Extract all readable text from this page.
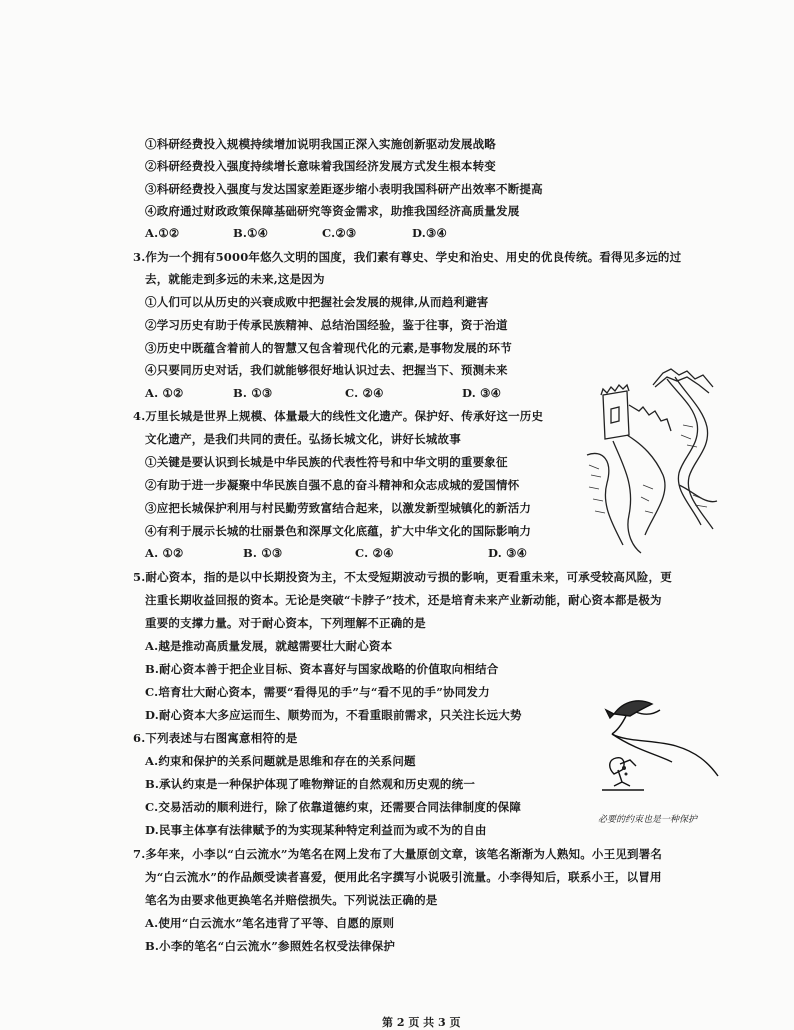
①科研经费投入规模持续增加说明我国正深入实施创新驱动发展战略
②科研经费投入强度持续增长意味着我国经济发展方式发生根本转变
③科研经费投入强度与发达国家差距逐步缩小表明我国科研产出效率不断提高
④政府通过财政政策保障基础研究等资金需求，助推我国经济高质量发展
A.①②	B.①④	C.②③	D.③④
3.作为一个拥有5000年悠久文明的国度，我们素有尊史、学史和治史、用史的优良传统。看得见多远的过
去，就能走到多远的未来,这是因为
①人们可以从历史的兴衰成败中把握社会发展的规律,从而趋利避害
②学习历史有助于传承民族精神、总结治国经验，鉴于往事，资于治道
③历史中既蕴含着前人的智慧又包含着现代化的元素,是事物发展的环节
④只要同历史对话，我们就能够很好地认识过去、把握当下、预测未来
A. ①②	B. ①③	C. ②④	D. ③④
4.万里长城是世界上规模、体量最大的线性文化遗产。保护好、传承好这一历史
文化遗产，是我们共同的责任。弘扬长城文化，讲好长城故事
①关键是要认识到长城是中华民族的代表性符号和中华文明的重要象征
②有助于进一步凝聚中华民族自强不息的奋斗精神和众志成城的爱国情怀
③应把长城保护利用与村民勤劳致富结合起来，以激发新型城镇化的新活力
④有利于展示长城的壮丽景色和深厚文化底蕴，扩大中华文化的国际影响力
A. ①②	B. ①③	C. ②④	D. ③④
5.耐心资本，指的是以中长期投资为主，不太受短期波动亏损的影响，更看重未来，可承受较高风险，更
注重长期收益回报的资本。无论是突破“卡脖子”技术，还是培育未来产业新动能，耐心资本都是极为
重要的支撑力量。对于耐心资本，下列理解不正确的是
A.越是推动高质量发展，就越需要壮大耐心资本
B.耐心资本善于把企业目标、资本喜好与国家战略的价值取向相结合
C.培育壮大耐心资本，需要“看得见的手”与“看不见的手”协同发力
D.耐心资本大多应运而生、顺势而为，不看重眼前需求，只关注长远大势
6.下列表述与右图寓意相符的是
A.约束和保护的关系问题就是思维和存在的关系问题
B.承认约束是一种保护体现了唯物辩证的自然观和历史观的统一
C.交易活动的顺利进行，除了依靠道德约束，还需要合同法律制度的保障
D.民事主体享有法律赋予的为实现某种特定利益而为或不为的自由
必要的约束也是一种保护
7.多年来，小李以“白云流水”为笔名在网上发布了大量原创文章，该笔名渐渐为人熟知。小王见到署名
为“白云流水”的作品颇受读者喜爱，便用此名字撰写小说吸引流量。小李得知后，联系小王，以冒用
笔名为由要求他更换笔名并赔偿损失。下列说法正确的是
A.使用“白云流水”笔名违背了平等、自愿的原则
B.小李的笔名“白云流水”参照姓名权受法律保护
第 2 页 共 3 页
